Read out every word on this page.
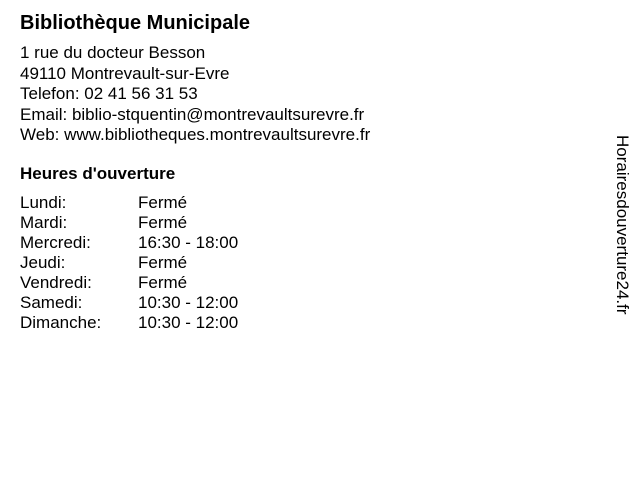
Bibliothèque Municipale
1 rue du docteur Besson
49110 Montrevault-sur-Evre
Telefon: 02 41 56 31 53
Email: biblio-stquentin@montrevaultsurevre.fr
Web: www.bibliotheques.montrevaultsurevre.fr
Heures d'ouverture
Lundi:	Fermé
Mardi:	Fermé
Mercredi:	16:30 - 18:00
Jeudi:	Fermé
Vendredi:	Fermé
Samedi:	10:30 - 12:00
Dimanche:	10:30 - 12:00
Horairesdouverture24.fr
